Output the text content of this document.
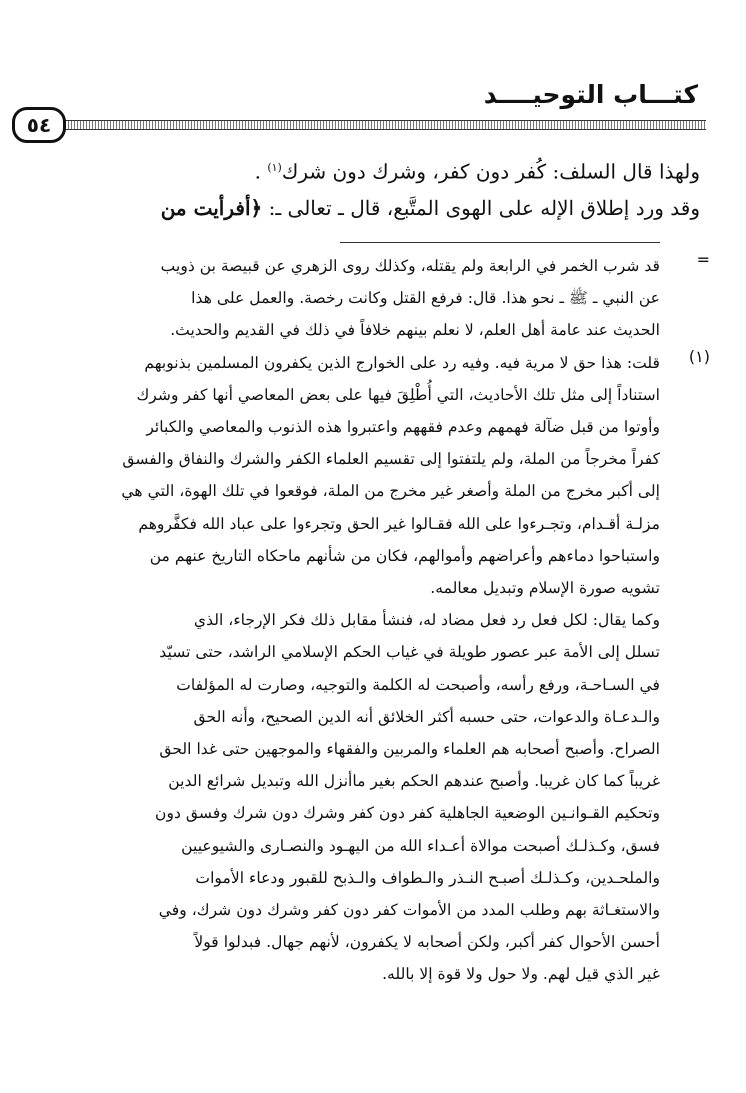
كتـــاب التوحيــــد
٥٤
ولهذا قال السلف: كُفر دون كفر، وشرك دون شرك$^{(١)}$ .
وقد ورد إطلاق الإله على الهوى المتَّبع، قال ـ تعالى ـ: ﴿أفرأيت من
=
قد شرب الخمر في الرابعة ولم يقتله، وكذلك روى الزهري عن قبيصة بن ذويب
عن النبي ـ ﷺ ـ نحو هذا. قال: فرفع القتل وكانت رخصة. والعمل على هذا
الحديث عند عامة أهل العلم، لا نعلم بينهم خلافاً في ذلك في القديم والحديث.
(١)
قلت: هذا حق لا مرية فيه. وفيه رد على الخوارج الذين يكفرون المسلمين بذنوبهم
استناداً إلى مثل تلك الأحاديث، التي أُطْلِقَ فيها على بعض المعاصي أنها كفر وشرك
وأوتوا من قبل ضآلة فهمهم وعدم فقههم واعتبروا هذه الذنوب والمعاصي والكبائر
كفراً مخرجاً من الملة، ولم يلتفتوا إلى تقسيم العلماء الكفر والشرك والنفاق والفسق
إلى أكبر مخرج من الملة وأصغر غير مخرج من الملة، فوقعوا في تلك الهوة، التي هي
مزلـة أقـدام، وتجـرءوا على الله فقـالوا غير الحق وتجرءوا على عباد الله فكفَّروهم
واستباحوا دماءهم وأعراضهم وأموالهم، فكان من شأنهم ماحكاه التاريخ عنهم من
تشويه صورة الإسلام وتبديل معالمه.
وكما يقال: لكل فعل رد فعل مضاد له، فنشأ مقابل ذلك فكر الإرجاء، الذي
تسلل إلى الأمة عبر عصور طويلة في غياب الحكم الإسلامي الراشد، حتى تسيّد
في السـاحـة، ورفع رأسه، وأصبحت له الكلمة والتوجيه، وصارت له المؤلفات
والـدعـاة والدعوات، حتى حسبه أكثر الخلائق أنه الدين الصحيح، وأنه الحق
الصراح. وأصبح أصحابه هم العلماء والمربين والفقهاء والموجهين حتى غدا الحق
غريباً كما كان غريبا. وأصبح عندهم الحكم بغير ماأنزل الله وتبديل شرائع الدين
وتحكيم القـوانـين الوضعية الجاهلية كفر دون كفر وشرك دون شرك وفسق دون
فسق، وكـذلـك أصبحت موالاة أعـداء الله من اليهـود والنصـارى والشيوعيين
والملحـدين، وكـذلـك أصبـح النـذر والـطواف والـذبح للقبور ودعاء الأموات
والاستغـاثة بهم وطلب المدد من الأموات كفر دون كفر وشرك دون شرك، وفي
أحسن الأحوال كفر أكبر، ولكن أصحابه لا يكفرون، لأنهم جهال. فبدلوا قولاً
غير الذي قيل لهم. ولا حول ولا قوة إلا بالله.
